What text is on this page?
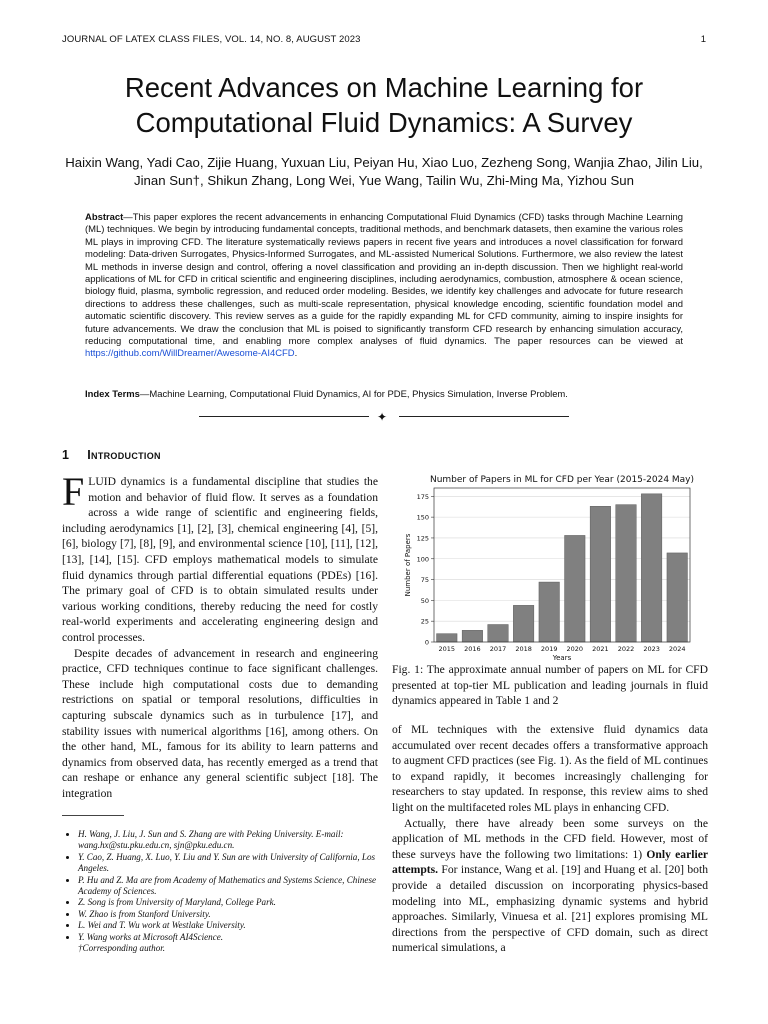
JOURNAL OF LATEX CLASS FILES, VOL. 14, NO. 8, AUGUST 2023	1
Recent Advances on Machine Learning for Computational Fluid Dynamics: A Survey
Haixin Wang, Yadi Cao, Zijie Huang, Yuxuan Liu, Peiyan Hu, Xiao Luo, Zezheng Song, Wanjia Zhao, Jilin Liu, Jinan Sun†, Shikun Zhang, Long Wei, Yue Wang, Tailin Wu, Zhi-Ming Ma, Yizhou Sun
Abstract—This paper explores the recent advancements in enhancing Computational Fluid Dynamics (CFD) tasks through Machine Learning (ML) techniques. We begin by introducing fundamental concepts, traditional methods, and benchmark datasets, then examine the various roles ML plays in improving CFD. The literature systematically reviews papers in recent five years and introduces a novel classification for forward modeling: Data-driven Surrogates, Physics-Informed Surrogates, and ML-assisted Numerical Solutions. Furthermore, we also review the latest ML methods in inverse design and control, offering a novel classification and providing an in-depth discussion. Then we highlight real-world applications of ML for CFD in critical scientific and engineering disciplines, including aerodynamics, combustion, atmosphere & ocean science, biology fluid, plasma, symbolic regression, and reduced order modeling. Besides, we identify key challenges and advocate for future research directions to address these challenges, such as multi-scale representation, physical knowledge encoding, scientific foundation model and automatic scientific discovery. This review serves as a guide for the rapidly expanding ML for CFD community, aiming to inspire insights for future advancements. We draw the conclusion that ML is poised to significantly transform CFD research by enhancing simulation accuracy, reducing computational time, and enabling more complex analyses of fluid dynamics. The paper resources can be viewed at https://github.com/WillDreamer/Awesome-AI4CFD.
Index Terms—Machine Learning, Computational Fluid Dynamics, AI for PDE, Physics Simulation, Inverse Problem.
✦
1 Introduction

FLUID dynamics is a fundamental discipline that studies the motion and behavior of fluid flow. It serves as a foundation across a wide range of scientific and engineering fields, including aerodynamics [1], [2], [3], chemical engineering [4], [5], [6], biology [7], [8], [9], and environmental science [10], [11], [12], [13], [14], [15]. CFD employs mathematical models to simulate fluid dynamics through partial differential equations (PDEs) [16]. The primary goal of CFD is to obtain simulated results under various working conditions, thereby reducing the need for costly real-world experiments and accelerating engineering design and control processes.

Despite decades of advancement in research and engineering practice, CFD techniques continue to face significant challenges. These include high computational costs due to demanding restrictions on spatial or temporal resolutions, difficulties in capturing subscale dynamics such as in turbulence [17], and stability issues with numerical algorithms [16], among others. On the other hand, ML, famous for its ability to learn patterns and dynamics from observed data, has recently emerged as a trend that can reshape or enhance any general scientific subject [18]. The integration

• H. Wang, J. Liu, J. Sun and S. Zhang are with Peking University. E-mail: wang.hx@stu.pku.edu.cn, sjn@pku.edu.cn.
• Y. Cao, Z. Huang, X. Luo, Y. Liu and Y. Sun are with University of California, Los Angeles.
• P. Hu and Z. Ma are from Academy of Mathematics and Systems Science, Chinese Academy of Sciences.
• Z. Song is from University of Maryland, College Park.
• W. Zhao is from Stanford University.
• L. Wei and T. Wu work at Westlake University.
• Y. Wang works at Microsoft AI4Science.
†Corresponding author.
Number of Papers in ML for CFD per Year (2015-2024 May)
0
25
50
75
100
125
150
175
2015 2016 2017 2018 2019 2020 2021 2022 2023 2024
Years
Number of Papers
Fig. 1: The approximate annual number of papers on ML for CFD presented at top-tier ML publication and leading journals in fluid dynamics appeared in Table 1 and 2

of ML techniques with the extensive fluid dynamics data accumulated over recent decades offers a transformative approach to augment CFD practices (see Fig. 1). As the field of ML continues to expand rapidly, it becomes increasingly challenging for researchers to stay updated. In response, this review aims to shed light on the multifaceted roles ML plays in enhancing CFD.

Actually, there have already been some surveys on the application of ML methods in the CFD field. However, most of these surveys have the following two limitations: 1) Only earlier attempts. For instance, Wang et al. [19] and Huang et al. [20] both provide a detailed discussion on incorporating physics-based modeling into ML, emphasizing dynamic systems and hybrid approaches. Similarly, Vinuesa et al. [21] explores promising ML directions from the perspective of CFD domain, such as direct numerical simulations, a
